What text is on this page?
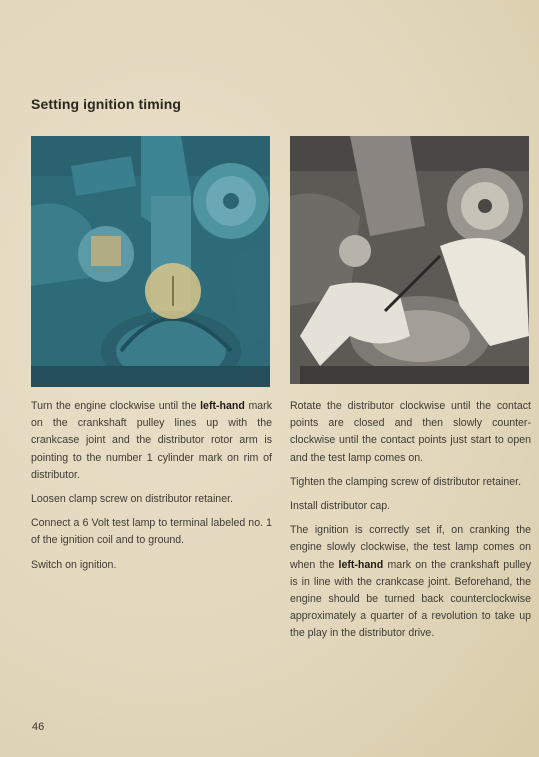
Setting ignition timing

Turn the engine clockwise until the left-hand mark on the crankshaft pulley lines up with the crankcase joint and the distributor rotor arm is pointing to the number 1 cylinder mark on rim of distributor.

Loosen clamp screw on distributor retainer.

Connect a 6 Volt test lamp to terminal labeled no. 1 of the ignition coil and to ground.

Switch on ignition.

Rotate the distributor clockwise until the contact points are closed and then slowly counter-clockwise until the contact points just start to open and the test lamp comes on.

Tighten the clamping screw of distributor retainer.

Install distributor cap.

The ignition is correctly set if, on cranking the engine slowly clockwise, the test lamp comes on when the left-hand mark on the crankshaft pulley is in line with the crankcase joint. Beforehand, the engine should be turned back counterclockwise approximately a quarter of a revolution to take up the play in the distributor drive.

46
